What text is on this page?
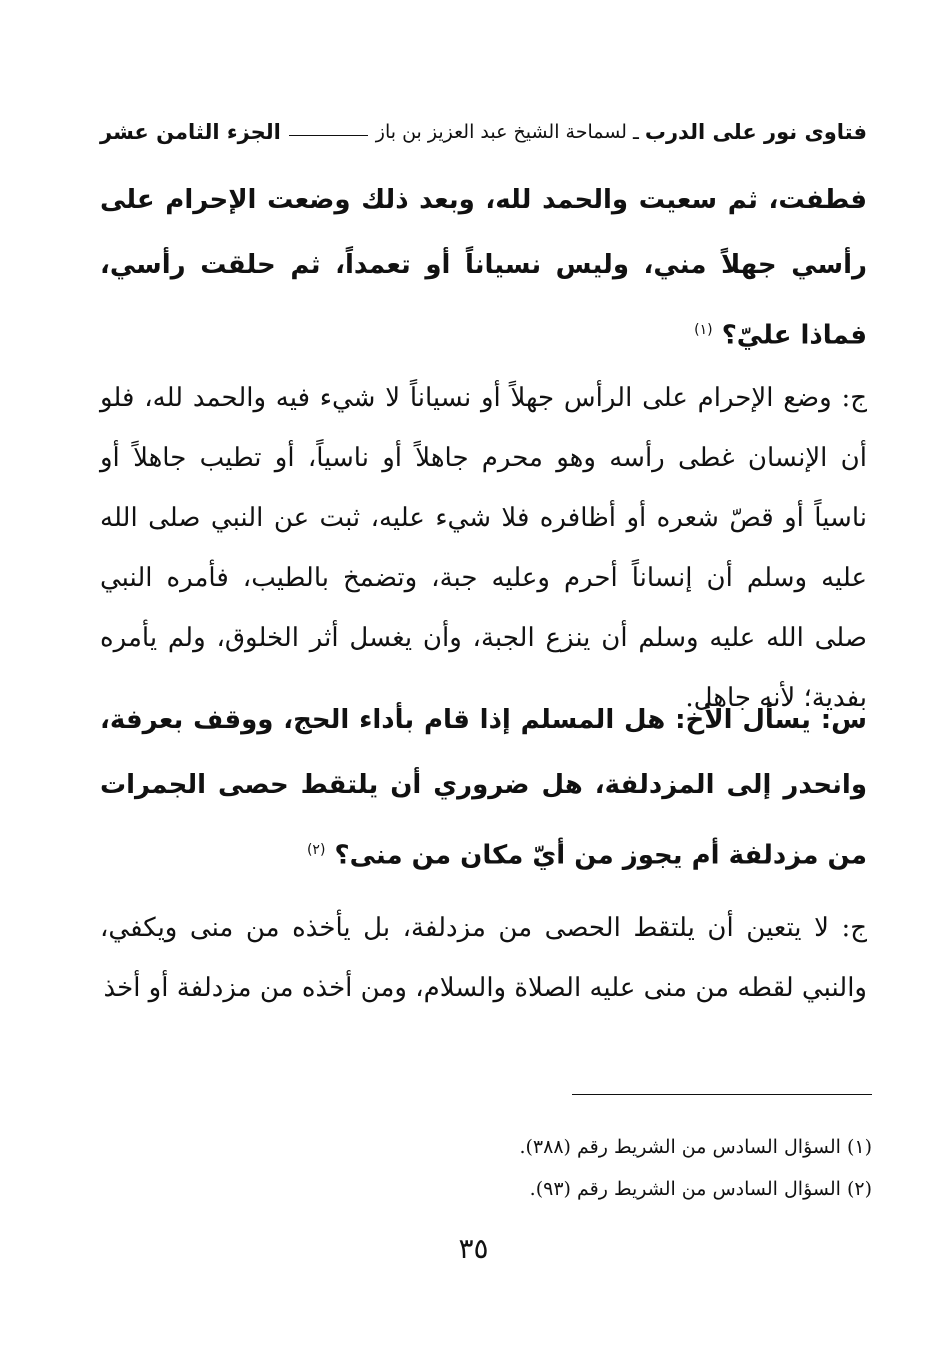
فتاوى نور على الدرب
ـ
لسماحة الشيخ عبد العزيز بن باز
الجزء الثامن عشر
فطفت، ثم سعيت والحمد لله، وبعد ذلك وضعت الإحرام على رأسي جهلاً مني، وليس نسياناً أو تعمداً، ثم حلقت رأسي، فماذا عليّ؟ $^{(١)}$
ج: وضع الإحرام على الرأس جهلاً أو نسياناً لا شيء فيه والحمد لله، فلو أن الإنسان غطى رأسه وهو محرم جاهلاً أو ناسياً، أو تطيب جاهلاً أو ناسياً أو قصّ شعره أو أظافره فلا شيء عليه، ثبت عن النبي صلى الله عليه وسلم أن إنساناً أحرم وعليه جبة، وتضمخ بالطيب، فأمره النبي صلى الله عليه وسلم أن ينزع الجبة، وأن يغسل أثر الخلوق، ولم يأمره بفدية؛ لأنه جاهل.
س: يسأل الأخ: هل المسلم إذا قام بأداء الحج، ووقف بعرفة، وانحدر إلى المزدلفة، هل ضروري أن يلتقط حصى الجمرات من مزدلفة أم يجوز من أيّ مكان من منى؟ $^{(٢)}$
ج: لا يتعين أن يلتقط الحصى من مزدلفة، بل يأخذه من منى ويكفي، والنبي لقطه من منى عليه الصلاة والسلام، ومن أخذه من مزدلفة أو أخذ
(١) السؤال السادس من الشريط رقم (٣٨٨).
(٢) السؤال السادس من الشريط رقم (٩٣).
٣٥
